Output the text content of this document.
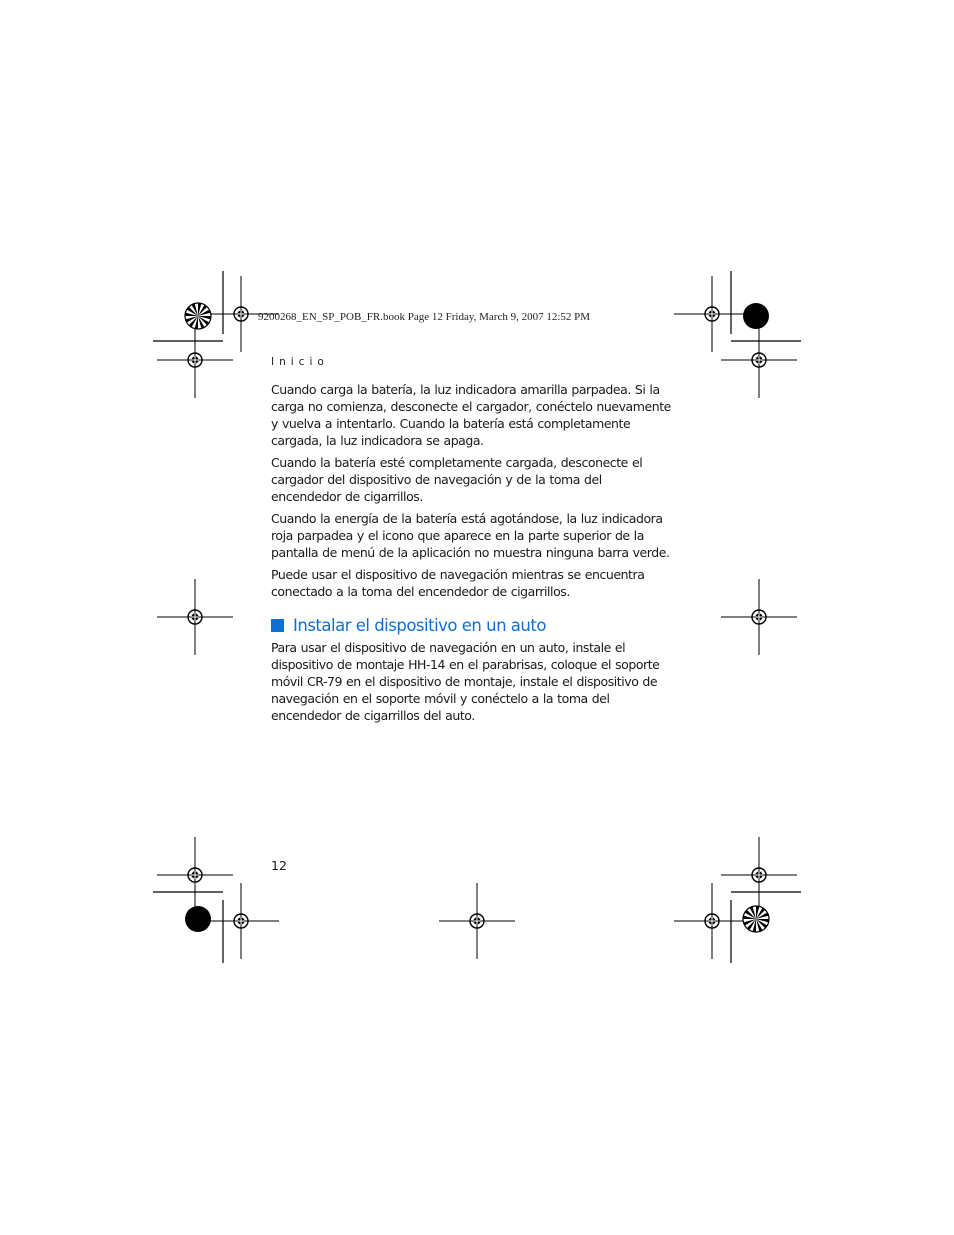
9200268_EN_SP_POB_FR.book Page 12 Friday, March 9, 2007 12:52 PM
Inicio

Cuando carga la batería, la luz indicadora amarilla parpadea. Si la carga no comienza, desconecte el cargador, conéctelo nuevamente y vuelva a intentarlo. Cuando la batería está completamente cargada, la luz indicadora se apaga.

Cuando la batería esté completamente cargada, desconecte el cargador del dispositivo de navegación y de la toma del encendedor de cigarrillos.

Cuando la energía de la batería está agotándose, la luz indicadora roja parpadea y el icono que aparece en la parte superior de la pantalla de menú de la aplicación no muestra ninguna barra verde.

Puede usar el dispositivo de navegación mientras se encuentra conectado a la toma del encendedor de cigarrillos.

Instalar el dispositivo en un auto

Para usar el dispositivo de navegación en un auto, instale el dispositivo de montaje HH-14 en el parabrisas, coloque el soporte móvil CR-79 en el dispositivo de montaje, instale el dispositivo de navegación en el soporte móvil y conéctelo a la toma del encendedor de cigarrillos del auto.

12
